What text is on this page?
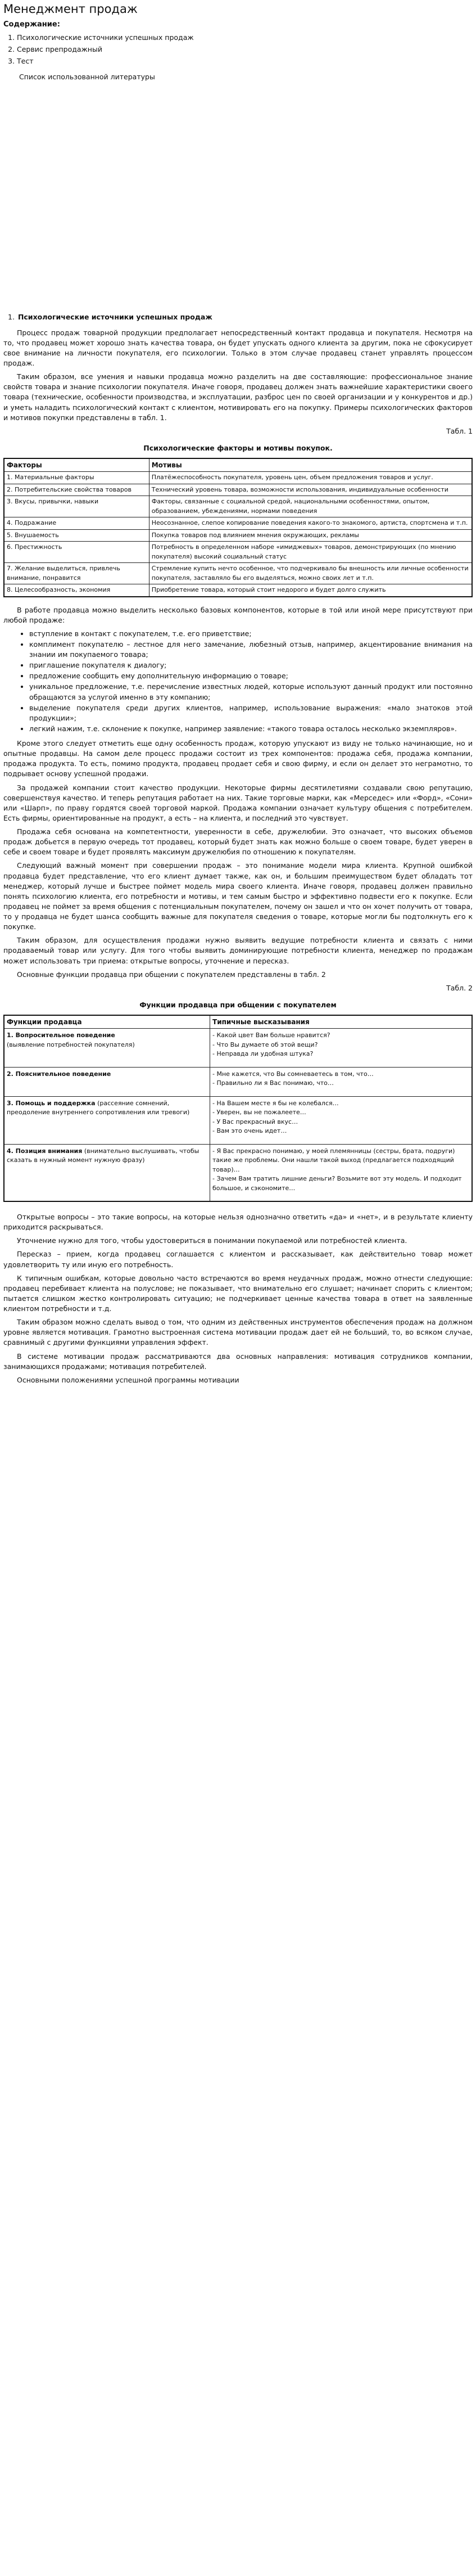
Менеджмент продаж
Содержание:
1. Психологические источники успешных продаж
2. Сервис препродажный
3. Тест
Список использованной литературы
1. Психологические источники успешных продаж

Процесс продаж товарной продукции предполагает непосредственный контакт продавца и покупателя. Несмотря на то, что продавец может хорошо знать качества товара, он будет упускать одного клиента за другим, пока не сфокусирует свое внимание на личности покупателя, его психологии. Только в этом случае продавец станет управлять процессом продаж.

Таким образом, все умения и навыки продавца можно разделить на две составляющие: профессиональное знание свойств товара и знание психологии покупателя. Иначе говоря, продавец должен знать важнейшие характеристики своего товара (технические, особенности производства, и эксплуатации, разброс цен по своей организации и у конкурентов и др.) и уметь наладить психологический контакт с клиентом, мотивировать его на покупку. Примеры психологических факторов и мотивов покупки представлены в табл. 1.

Табл. 1
Психологические факторы и мотивы покупок.
Факторы	Мотивы
1. Материальные факторы	Платёжеспособность покупателя, уровень цен, объем предложения товаров и услуг.
2. Потребительские свойства товаров	Технический уровень товара, возможности использования, индивидуальные особенности
3. Вкусы, привычки, навыки	Факторы, связанные с социальной средой, национальными особенностями, опытом, образованием, убеждениями, нормами поведения
4. Подражание	Неосознанное, слепое копирование поведения какого-то знакомого, артиста, спортсмена и т.п.
5. Внушаемость	Покупка товаров под влиянием мнения окружающих, рекламы
6. Престижность	Потребность в определенном наборе «имиджевых» товаров, демонстрирующих (по мнению покупателя) высокий социальный статус
7. Желание выделиться, привлечь внимание, понравится	Стремление купить нечто особенное, что подчеркивало бы внешность или личные особенности покупателя, заставляло бы его выделяться, можно своих лет и т.п.
8. Целесообразность, экономия	Приобретение товара, который стоит недорого и будет долго служить

В работе продавца можно выделить несколько базовых компонентов, которые в той или иной мере присутствуют при любой продаже:

• вступление в контакт с покупателем, т.е. его приветствие;
• комплимент покупателю – лестное для него замечание, любезный отзыв, например, акцентирование внимания на знании им покупаемого товара;
• приглашение покупателя к диалогу;
• предложение сообщить ему дополнительную информацию о товаре;
• уникальное предложение, т.е. перечисление известных людей, которые используют данный продукт или постоянно обращаются за услугой именно в эту компанию;
• выделение покупателя среди других клиентов, например, использование выражения: «мало знатоков этой продукции»;
• легкий нажим, т.е. склонение к покупке, например заявление: «такого товара осталось несколько экземпляров».

Кроме этого следует отметить еще одну особенность продаж, которую упускают из виду не только начинающие, но и опытные продавцы. На самом деле процесс продажи состоит из трех компонентов: продажа себя, продажа компании, продажа продукта. То есть, помимо продукта, продавец продает себя и свою фирму, и если он делает это неграмотно, то подрывает основу успешной продажи.

За продажей компании стоит качество продукции. Некоторые фирмы десятилетиями создавали свою репутацию, совершенствуя качество. И теперь репутация работает на них. Такие торговые марки, как «Мерседес» или «Форд», «Сони» или «Шарп», по праву гордятся своей торговой маркой. Продажа компании означает культуру общения с потребителем. Есть фирмы, ориентированные на продукт, а есть – на клиента, и последний это чувствует.

Продажа себя основана на компетентности, уверенности в себе, дружелюбии. Это означает, что высоких объемов продаж добьется в первую очередь тот продавец, который будет знать как можно больше о своем товаре, будет уверен в себе и своем товаре и будет проявлять максимум дружелюбия по отношению к покупателям.

Следующий важный момент при совершении продаж – это понимание модели мира клиента. Крупной ошибкой продавца будет представление, что его клиент думает также, как он, и большим преимуществом будет обладать тот менеджер, который лучше и быстрее поймет модель мира своего клиента. Иначе говоря, продавец должен правильно понять психологию клиента, его потребности и мотивы, и тем самым быстро и эффективно подвести его к покупке. Если продавец не поймет за время общения с потенциальным покупателем, почему он зашел и что он хочет получить от товара, то у продавца не будет шанса сообщить важные для покупателя сведения о товаре, которые могли бы подтолкнуть его к покупке.

Таким образом, для осуществления продажи нужно выявить ведущие потребности клиента и связать с ними продаваемый товар или услугу. Для того чтобы выявить доминирующие потребности клиента, менеджер по продажам может использовать три приема: открытые вопросы, уточнение и пересказ.

Основные функции продавца при общении с покупателем представлены в табл. 2

Табл. 2
Функции продавца при общении с покупателем
Функции продавца	Типичные высказывания
1. Вопросительное поведение
(выявление потребностей покупателя)	- Какой цвет Вам больше нравится?
- Что Вы думаете об этой вещи?
- Неправда ли удобная штука?

2. Пояснительное поведение	- Мне кажется, что Вы сомневаетесь в том, что…
- Правильно ли я Вас понимаю, что…

3. Помощь и поддержка (рассеяние сомнений, преодоление внутреннего сопротивления или тревоги)	- На Вашем месте я бы не колебался…
- Уверен, вы не пожалеете…
- У Вас прекрасный вкус…
- Вам это очень идет…

4. Позиция внимания (внимательно выслушивать, чтобы сказать в нужный момент нужную фразу)	- Я Вас прекрасно понимаю, у моей племянницы (сестры, брата, подруги) такие же проблемы. Они нашли такой выход (предлагается подходящий товар)…
- Зачем Вам тратить лишние деньги? Возьмите вот эту модель. И подходит большое, и сэкономите…

Открытые вопросы – это такие вопросы, на которые нельзя однозначно ответить «да» и «нет», и в результате клиенту приходится раскрываться.

Уточнение нужно для того, чтобы удостовериться в понимании покупаемой или потребностей клиента.

Пересказ – прием, когда продавец соглашается с клиентом и рассказывает, как действительно товар может удовлетворить ту или иную его потребность.

К типичным ошибкам, которые довольно часто встречаются во время неудачных продаж, можно отнести следующие: продавец перебивает клиента на полуслове; не показывает, что внимательно его слушает; начинает спорить с клиентом; пытается слишком жестко контролировать ситуацию; не подчеркивает ценные качества товара в ответ на заявленные клиентом потребности и т.д.

Таким образом можно сделать вывод о том, что одним из действенных инструментов обеспечения продаж на должном уровне является мотивация. Грамотно выстроенная система мотивации продаж дает ей не больший, то, во всяком случае, сравнимый с другими функциями управления эффект.

В системе мотивации продаж рассматриваются два основных направления: мотивация сотрудников компании, занимающихся продажами; мотивация потребителей.

Основными положениями успешной программы мотивации
